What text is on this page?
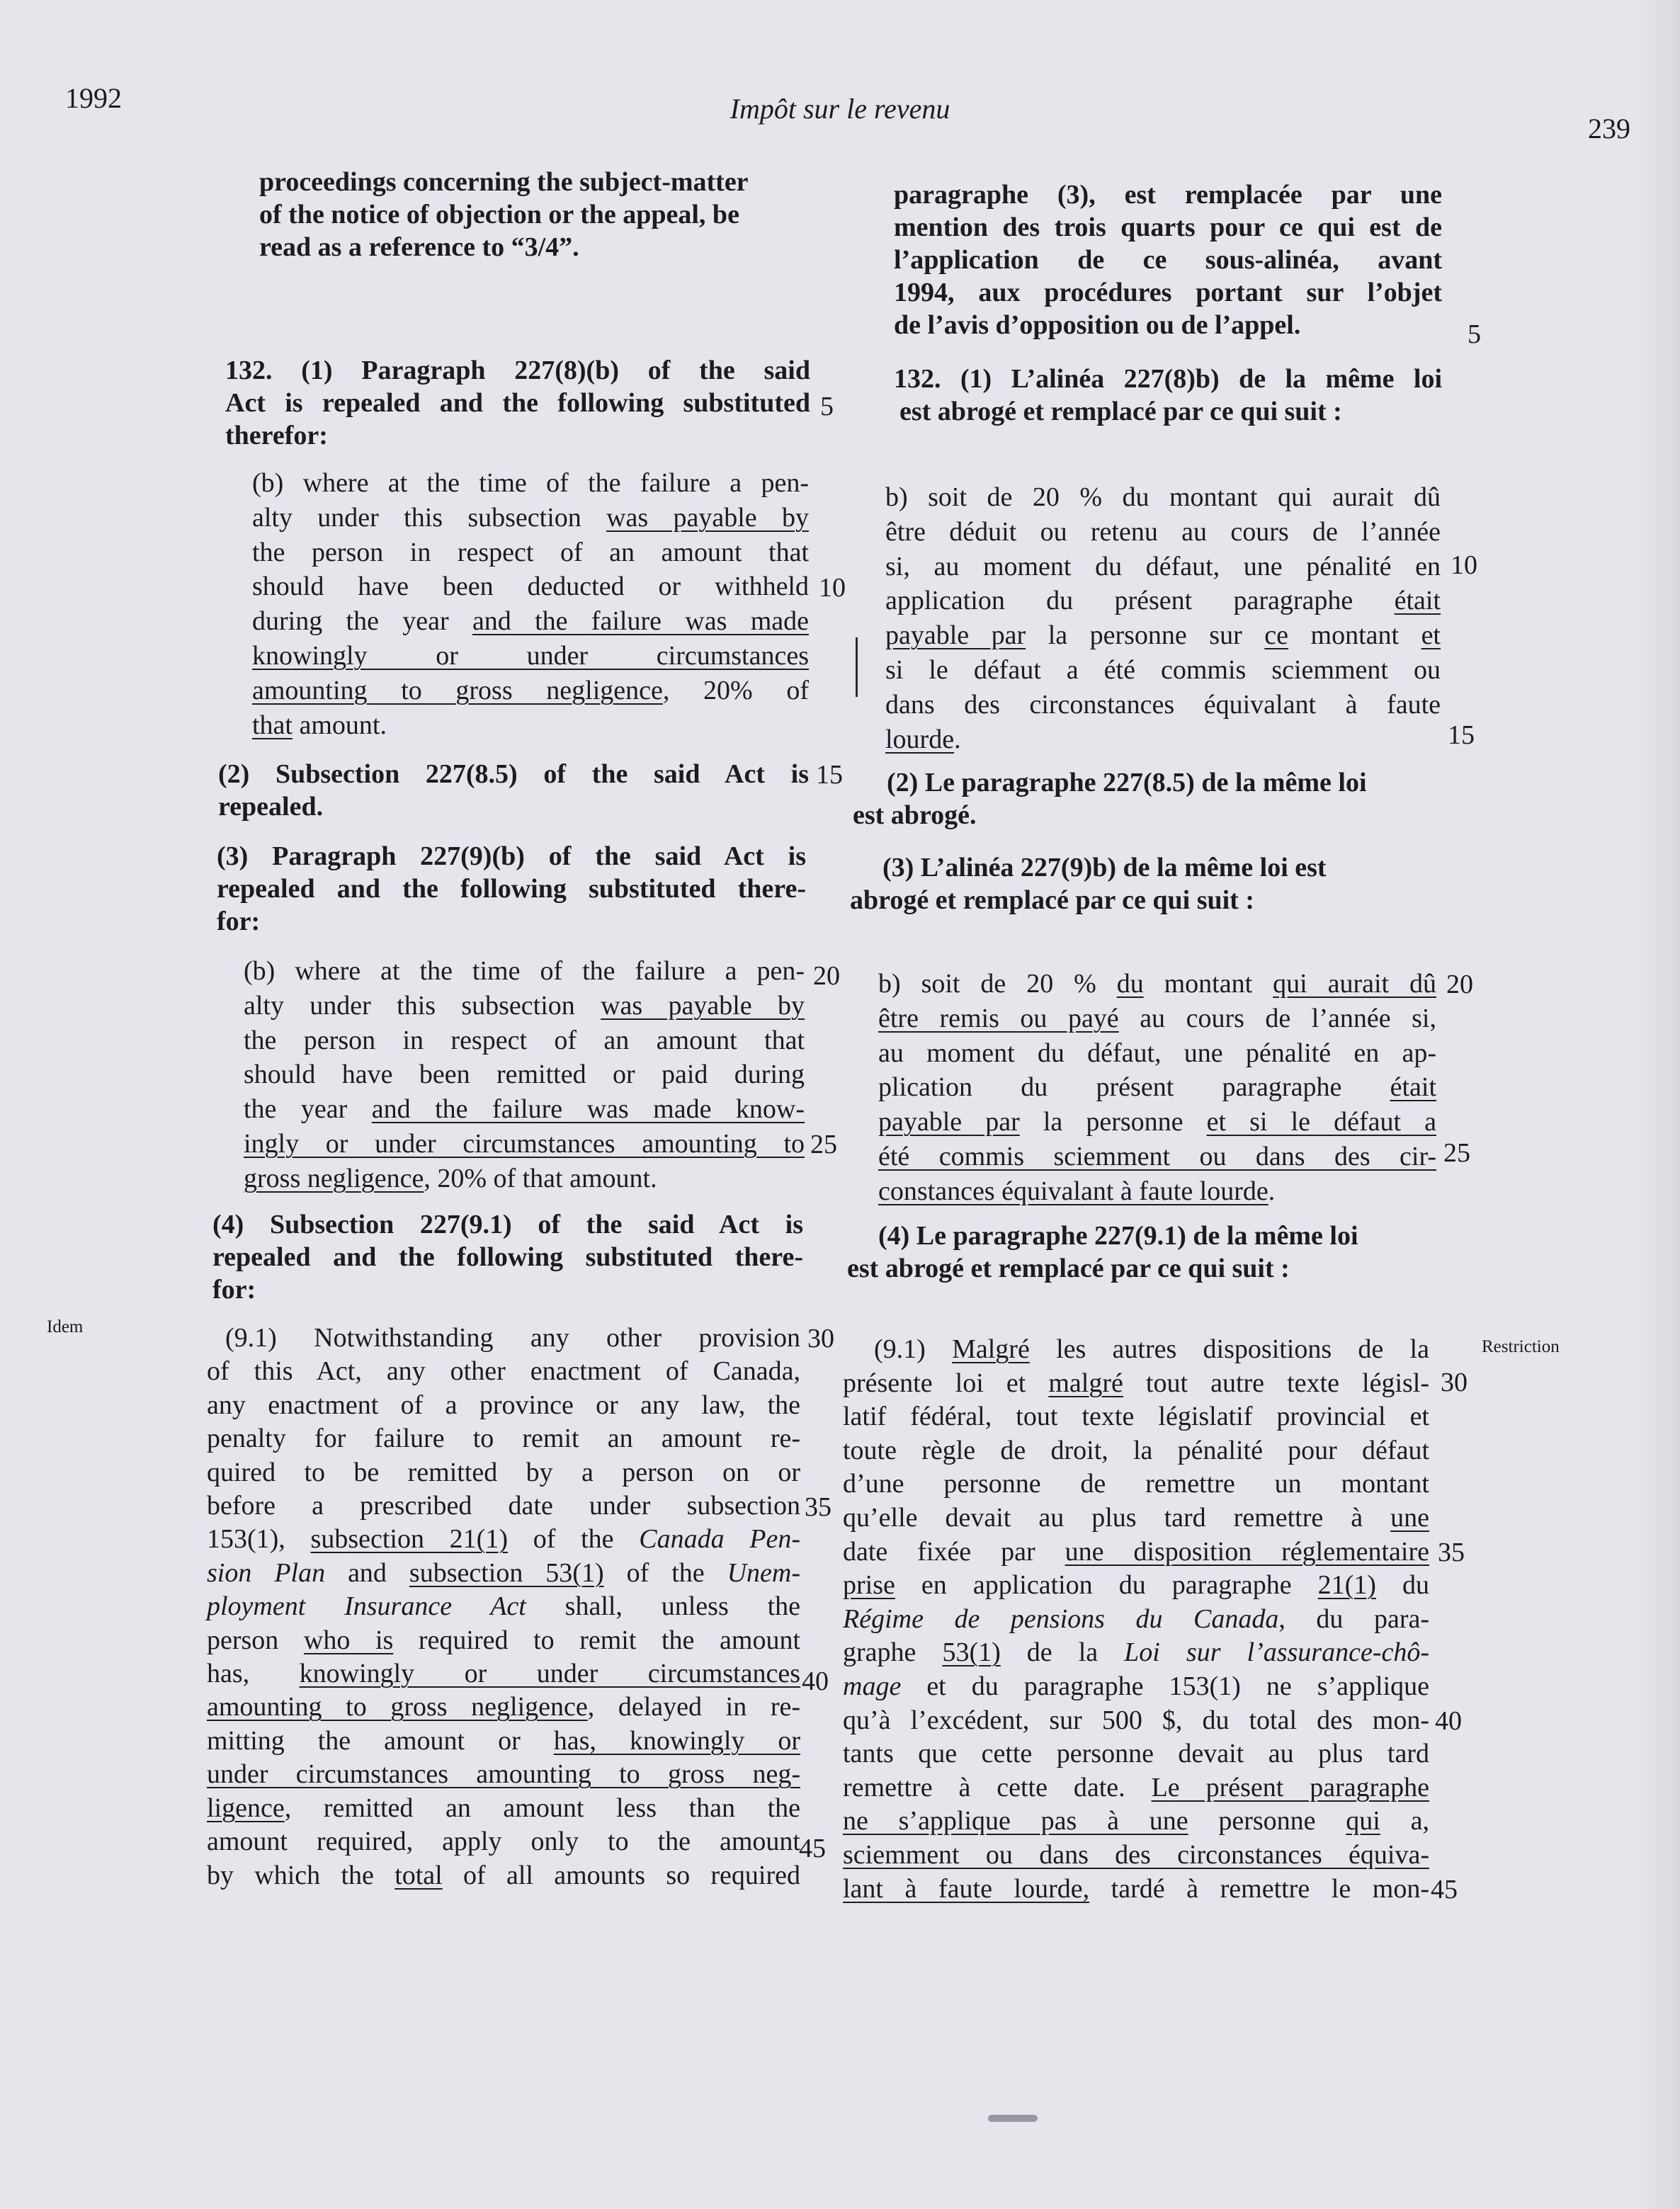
1992	Impôt sur le revenu
239
Idem
Restriction
proceedings concerning the subject-matter
of the notice of objection or the appeal, be
read as a reference to “3/4”.
132. (1) Paragraph 227(8)(b) of the said
Act is repealed and the following substituted
therefor:
(b) where at the time of the failure a pen-
alty under this subsection was payable by
the person in respect of an amount that
should have been deducted or withheld
during the year and the failure was made
knowingly or under circumstances
amounting to gross negligence, 20% of
that amount.
(2) Subsection 227(8.5) of the said Act is
repealed.
(3) Paragraph 227(9)(b) of the said Act is
repealed and the following substituted there-
for:
(b) where at the time of the failure a pen-
alty under this subsection was payable by
the person in respect of an amount that
should have been remitted or paid during
the year and the failure was made know-
ingly or under circumstances amounting to
gross negligence, 20% of that amount.
(4) Subsection 227(9.1) of the said Act is
repealed and the following substituted there-
for:
(9.1) Notwithstanding any other provision
of this Act, any other enactment of Canada,
any enactment of a province or any law, the
penalty for failure to remit an amount re-
quired to be remitted by a person on or
before a prescribed date under subsection
153(1), subsection 21(1) of the Canada Pen-
sion Plan and subsection 53(1) of the Unem-
ployment Insurance Act shall, unless the
person who is required to remit the amount
has, knowingly or under circumstances
amounting to gross negligence, delayed in re-
mitting the amount or has, knowingly or
under circumstances amounting to gross neg-
ligence, remitted an amount less than the
amount required, apply only to the amount
by which the total of all amounts so required
5
10
15
20
25
30
35
40
45
paragraphe (3), est remplacée par une
mention des trois quarts pour ce qui est de
l’application de ce sous-alinéa, avant
1994, aux procédures portant sur l’objet
de l’avis d’opposition ou de l’appel.
132. (1) L’alinéa 227(8)b) de la même loi
est abrogé et remplacé par ce qui suit :
b) soit de 20 % du montant qui aurait dû
être déduit ou retenu au cours de l’année
si, au moment du défaut, une pénalité en
application du présent paragraphe était
payable par la personne sur ce montant et
si le défaut a été commis sciemment ou
dans des circonstances équivalant à faute
lourde.
(2) Le paragraphe 227(8.5) de la même loi
est abrogé.
(3) L’alinéa 227(9)b) de la même loi est
abrogé et remplacé par ce qui suit :
b) soit de 20 % du montant qui aurait dû
être remis ou payé au cours de l’année si,
au moment du défaut, une pénalité en ap-
plication du présent paragraphe était
payable par la personne et si le défaut a
été commis sciemment ou dans des cir-
constances équivalant à faute lourde.
(4) Le paragraphe 227(9.1) de la même loi
est abrogé et remplacé par ce qui suit :
(9.1) Malgré les autres dispositions de la
présente loi et malgré tout autre texte législ-
latif fédéral, tout texte législatif provincial et
toute règle de droit, la pénalité pour défaut
d’une personne de remettre un montant
qu’elle devait au plus tard remettre à une
date fixée par une disposition réglementaire
prise en application du paragraphe 21(1) du
Régime de pensions du Canada, du para-
graphe 53(1) de la Loi sur l’assurance-chô-
mage et du paragraphe 153(1) ne s’applique
qu’à l’excédent, sur 500 $, du total des mon-
tants que cette personne devait au plus tard
remettre à cette date. Le présent paragraphe
ne s’applique pas à une personne qui a,
sciemment ou dans des circonstances équiva-
lant à faute lourde, tardé à remettre le mon-
5
10
15
20
25
30
35
40
45
